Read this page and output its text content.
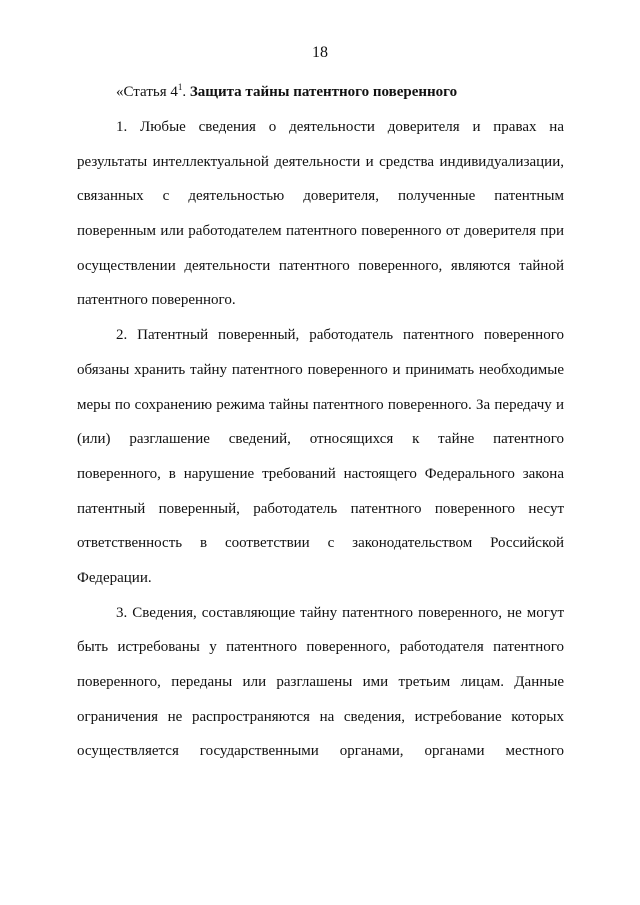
18
«Статья $4^1$. Защита тайны патентного поверенного
1. Любые сведения о деятельности доверителя и правах на
результаты интеллектуальной деятельности и средства индивидуализации,
связанных с деятельностью доверителя, полученные патентным
поверенным или работодателем патентного поверенного от доверителя при
осуществлении деятельности патентного поверенного, являются тайной
патентного поверенного.
2. Патентный поверенный, работодатель патентного поверенного
обязаны хранить тайну патентного поверенного и принимать необходимые
меры по сохранению режима тайны патентного поверенного. За передачу и
(или) разглашение сведений, относящихся к тайне патентного
поверенного, в нарушение требований настоящего Федерального закона
патентный поверенный, работодатель патентного поверенного несут
ответственность в соответствии с законодательством Российской
Федерации.
3. Сведения, составляющие тайну патентного поверенного, не могут
быть истребованы у патентного поверенного, работодателя патентного
поверенного, переданы или разглашены ими третьим лицам. Данные
ограничения не распространяются на сведения, истребование которых
осуществляется государственными органами, органами местного
